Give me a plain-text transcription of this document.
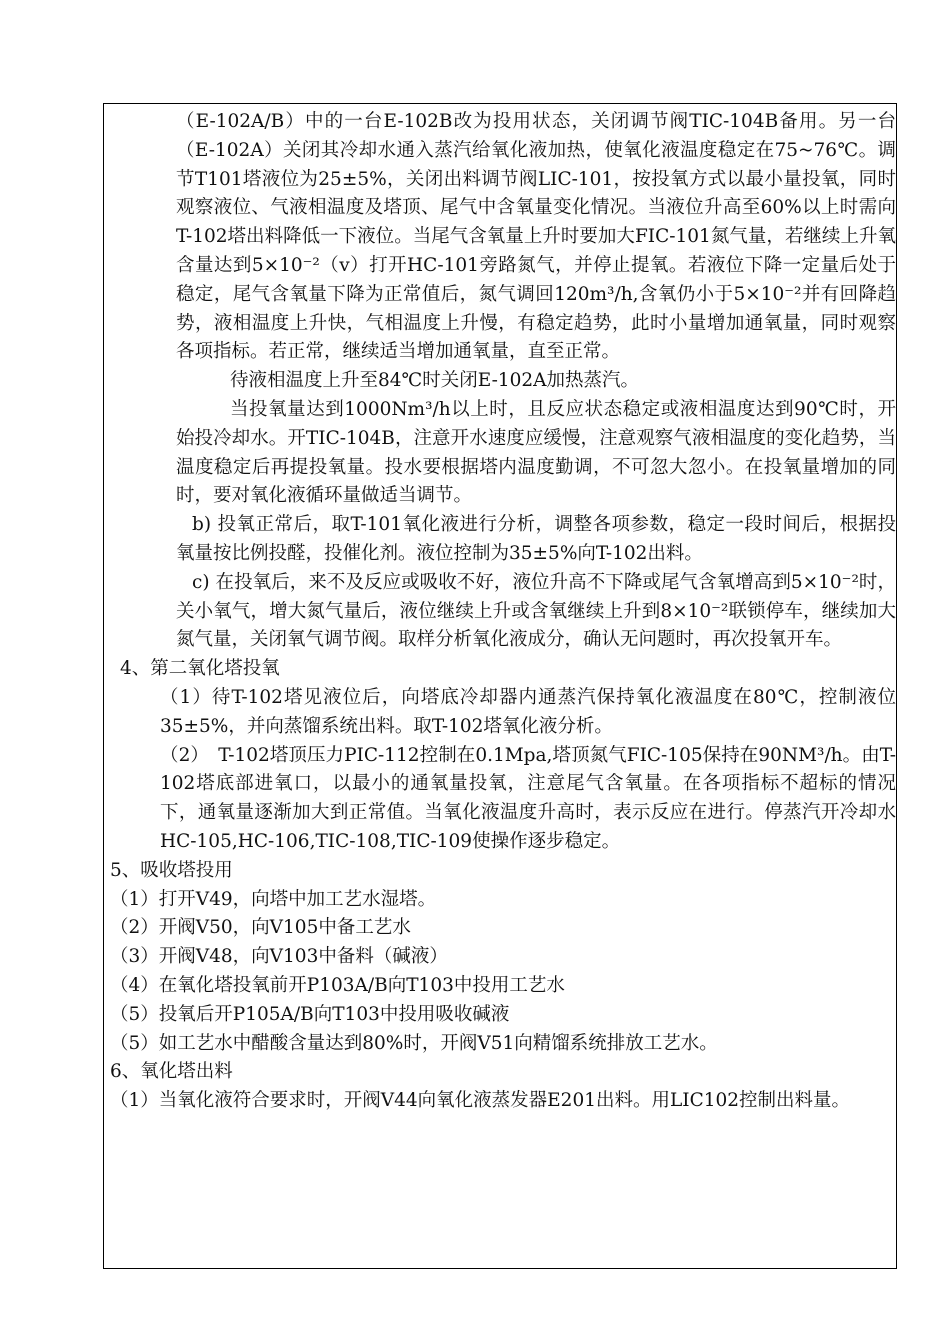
（E-102A/B）中的一台E-102B改为投用状态，关闭调节阀TIC-104B备用。另一台（E-102A）关闭其冷却水通入蒸汽给氧化液加热，使氧化液温度稳定在75~76℃。调节T101塔液位为25±5%，关闭出料调节阀LIC-101，按投氧方式以最小量投氧，同时观察液位、气液相温度及塔顶、尾气中含氧量变化情况。当液位升高至60%以上时需向T-102塔出料降低一下液位。当尾气含氧量上升时要加大FIC-101氮气量，若继续上升氧含量达到5×10⁻²（v）打开HC-101旁路氮气，并停止提氧。若液位下降一定量后处于稳定，尾气含氧量下降为正常值后，氮气调回120m³/h,含氧仍小于5×10⁻²并有回降趋势，液相温度上升快，气相温度上升慢，有稳定趋势，此时小量增加通氧量，同时观察各项指标。若正常，继续适当增加通氧量，直至正常。

待液相温度上升至84℃时关闭E-102A加热蒸汽。

当投氧量达到1000Nm³/h以上时，且反应状态稳定或液相温度达到90℃时，开始投冷却水。开TIC-104B，注意开水速度应缓慢，注意观察气液相温度的变化趋势，当温度稳定后再提投氧量。投水要根据塔内温度勤调，不可忽大忽小。在投氧量增加的同时，要对氧化液循环量做适当调节。

b) 投氧正常后，取T-101氧化液进行分析，调整各项参数，稳定一段时间后，根据投氧量按比例投醛，投催化剂。液位控制为35±5%向T-102出料。

c) 在投氧后，来不及反应或吸收不好，液位升高不下降或尾气含氧增高到5×10⁻²时，关小氧气，增大氮气量后，液位继续上升或含氧继续上升到8×10⁻²联锁停车，继续加大氮气量，关闭氧气调节阀。取样分析氧化液成分，确认无问题时，再次投氧开车。

4、第二氧化塔投氧

（1）待T-102塔见液位后，向塔底冷却器内通蒸汽保持氧化液温度在80℃，控制液位35±5%，并向蒸馏系统出料。取T-102塔氧化液分析。

（2）　T-102塔顶压力PIC-112控制在0.1Mpa,塔顶氮气FIC-105保持在90NM³/h。由T-102塔底部进氧口，以最小的通氧量投氧，注意尾气含氧量。在各项指标不超标的情况下，通氧量逐渐加大到正常值。当氧化液温度升高时，表示反应在进行。停蒸汽开冷却水HC-105,HC-106,TIC-108,TIC-109使操作逐步稳定。

5、吸收塔投用

（1）打开V49，向塔中加工艺水湿塔。

（2）开阀V50，向V105中备工艺水

（3）开阀V48，向V103中备料（碱液）

（4）在氧化塔投氧前开P103A/B向T103中投用工艺水

（5）投氧后开P105A/B向T103中投用吸收碱液

（5）如工艺水中醋酸含量达到80%时，开阀V51向精馏系统排放工艺水。

6、氧化塔出料

（1）当氧化液符合要求时，开阀V44向氧化液蒸发器E201出料。用LIC102控制出料量。
